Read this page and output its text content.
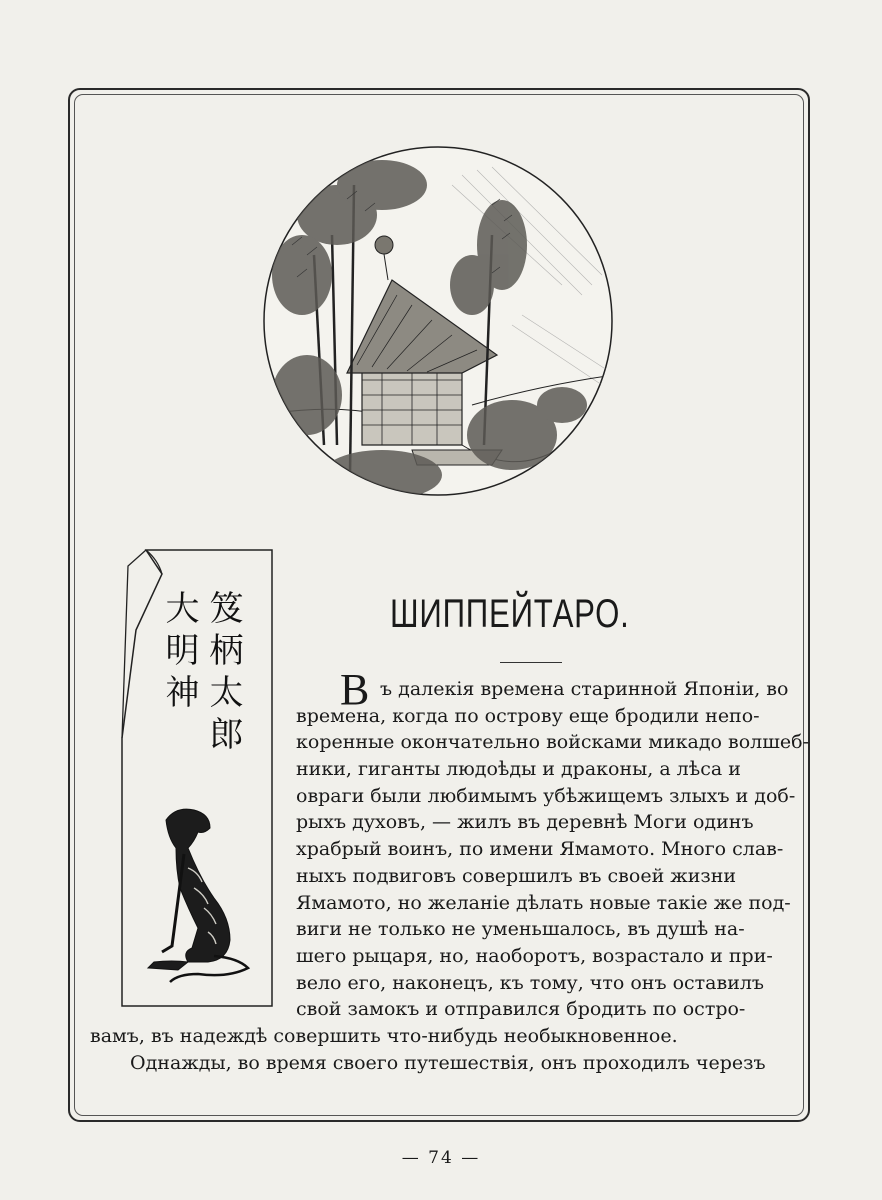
笈柄太郎
大明神	ШИППЕЙТАРО.
В ъ далекія времена старинной Японіи, во
времена, когда по острову еще бродили непо-
коренные окончательно войсками микадо волшеб-
ники, гиганты людоѣды и драконы, а лѣса и
овраги были любимымъ убѣжищемъ злыхъ и доб-
рыхъ духовъ, — жилъ въ деревнѣ Моги одинъ
храбрый воинъ, по имени Ямамото. Много слав-
ныхъ подвиговъ совершилъ въ своей жизни
Ямамото, но желаніе дѣлать новые такіе же под-
виги не только не уменьшалось, въ душѣ на-
шего рыцаря, но, наоборотъ, возрастало и при-
вело его, наконецъ, къ тому, что онъ оставилъ
свой замокъ и отправился бродить по остро-
вамъ, въ надеждѣ совершить что-нибудь необыкновенное.
Однажды, во время своего путешествія, онъ проходилъ черезъ
— 74 —
